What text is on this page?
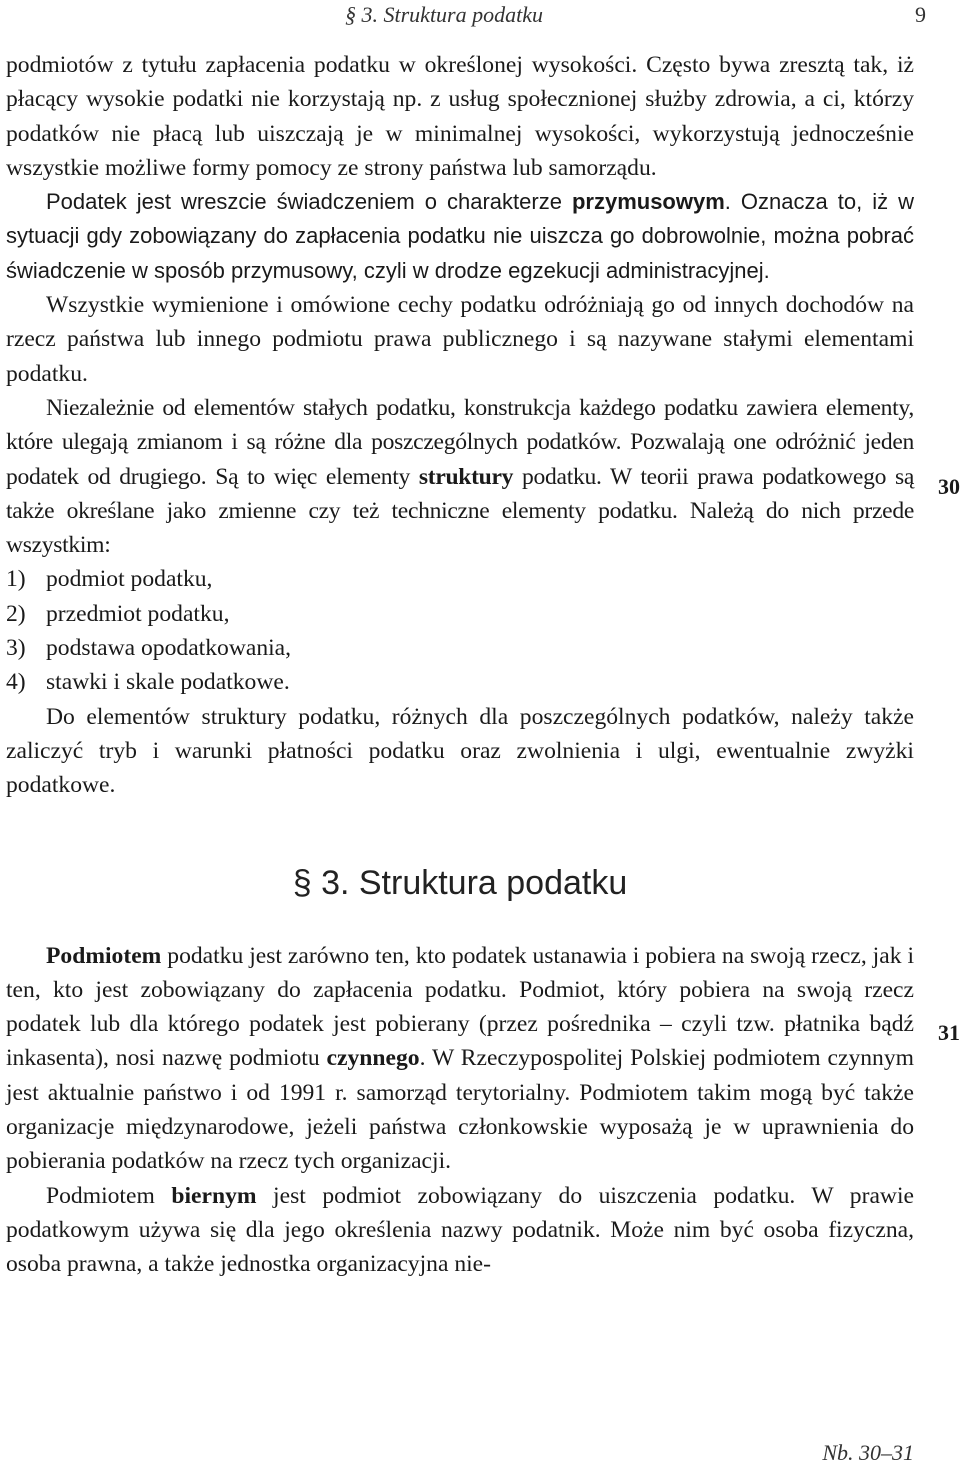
§ 3. Struktura podatku	9

podmiotów z tytułu zapłacenia podatku w określonej wysokości. Często bywa zresztą tak, iż płacący wysokie podatki nie korzystają np. z usług społecznionej służby zdrowia, a ci, którzy podatków nie płacą lub uiszczają je w minimalnej wysokości, wykorzystują jednocześnie wszystkie możliwe formy pomocy ze strony państwa lub samorządu.

Podatek jest wreszcie świadczeniem o charakterze przymusowym. Oznacza to, iż w sytuacji gdy zobowiązany do zapłacenia podatku nie uiszcza go dobrowolnie, można pobrać świadczenie w sposób przymusowy, czyli w drodze egzekucji administracyjnej.

Wszystkie wymienione i omówione cechy podatku odróżniają go od innych dochodów na rzecz państwa lub innego podmiotu prawa publicznego i są nazywane stałymi elementami podatku.

Niezależnie od elementów stałych podatku, konstrukcja każdego podatku zawiera elementy, które ulegają zmianom i są różne dla poszczególnych podatków. Pozwalają one odróżnić jeden podatek od drugiego. Są to więc elementy struktury podatku. W teorii prawa podatkowego są także określane jako zmienne czy też techniczne elementy podatku. Należą do nich przede wszystkim:

1) podmiot podatku,
2) przedmiot podatku,
3) podstawa opodatkowania,
4) stawki i skale podatkowe.

Do elementów struktury podatku, różnych dla poszczególnych podatków, należy także zaliczyć tryb i warunki płatności podatku oraz zwolnienia i ulgi, ewentualnie zwyżki podatkowe.

§ 3. Struktura podatku

Podmiotem podatku jest zarówno ten, kto podatek ustanawia i pobiera na swoją rzecz, jak i ten, kto jest zobowiązany do zapłacenia podatku. Podmiot, który pobiera na swoją rzecz podatek lub dla którego podatek jest pobierany (przez pośrednika – czyli tzw. płatnika bądź inkasenta), nosi nazwę podmiotu czynnego. W Rzeczypospolitej Polskiej podmiotem czynnym jest aktualnie państwo i od 1991 r. samorząd terytorialny. Podmiotem takim mogą być także organizacje międzynarodowe, jeżeli państwa członkowskie wyposażą je w uprawnienia do pobierania podatków na rzecz tych organizacji.

Podmiotem biernym jest podmiot zobowiązany do uiszczenia podatku. W prawie podatkowym używa się dla jego określenia nazwy podatnik. Może nim być osoba fizyczna, osoba prawna, a także jednostka organizacyjna nie-

30
31
Nb. 30–31
